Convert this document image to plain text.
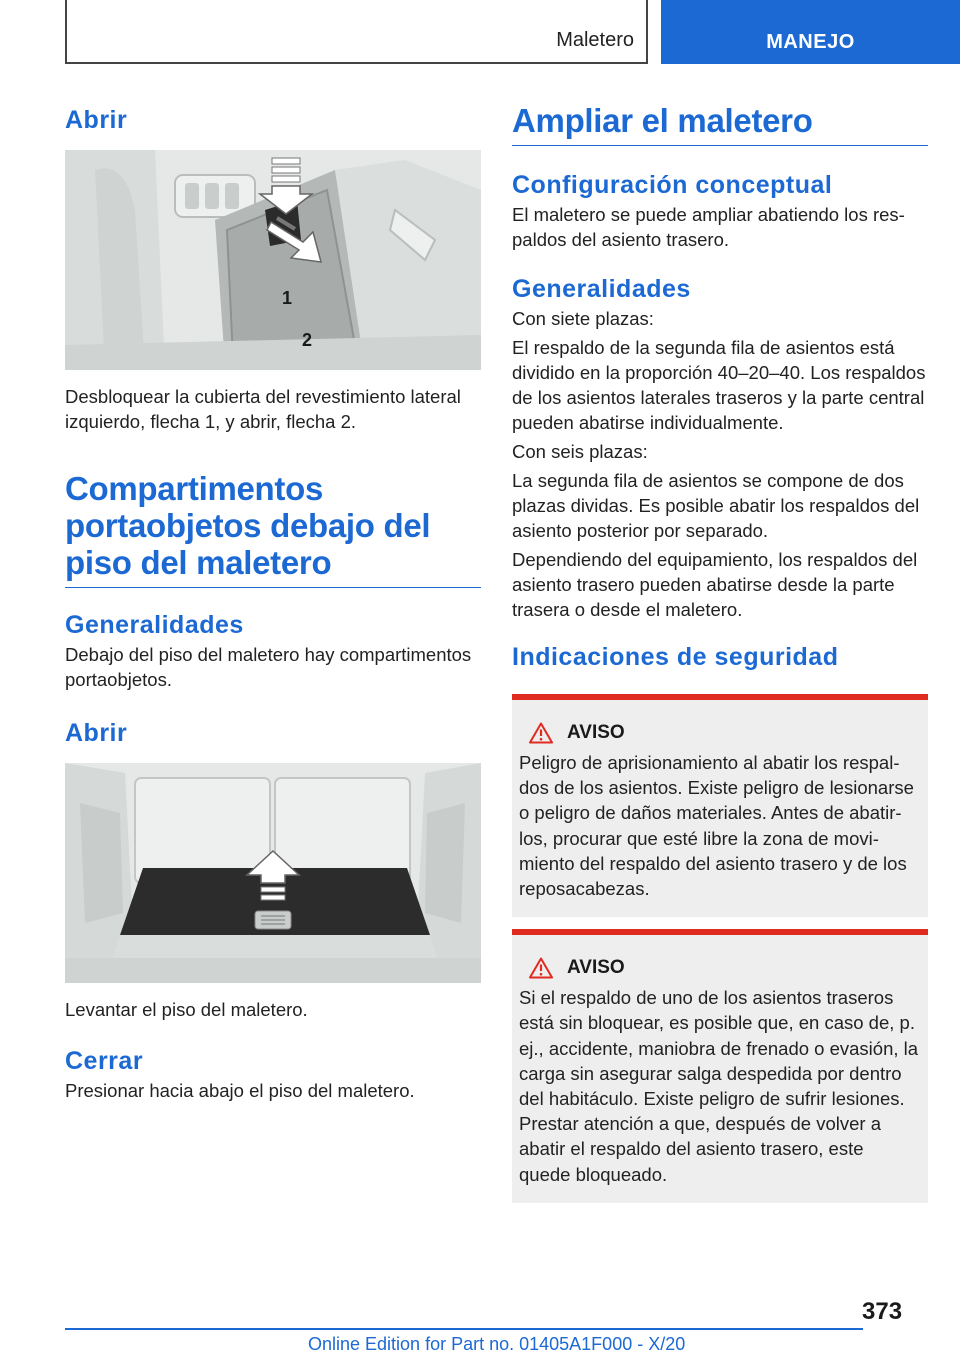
Maletero	MANEJO
Abrir
1
2
Desbloquear la cubierta del revestimiento lateral izquierdo, flecha 1, y abrir, flecha 2.
Compartimentos portaobjetos debajo del piso del maletero
Generalidades
Debajo del piso del maletero hay compartimentos portaobjetos.
Abrir
Levantar el piso del maletero.
Cerrar
Presionar hacia abajo el piso del maletero.
Ampliar el maletero
Configuración conceptual
El maletero se puede ampliar abatiendo los respaldos del asiento trasero.
Generalidades

Con siete plazas:

El respaldo de la segunda fila de asientos está dividido en la proporción 40–20–40. Los respaldos de los asientos laterales traseros y la parte central pueden abatirse individualmente.

Con seis plazas:

La segunda fila de asientos se compone de dos plazas dividas. Es posible abatir los respaldos del asiento posterior por separado.

Dependiendo del equipamiento, los respaldos del asiento trasero pueden abatirse desde la parte trasera o desde el maletero.

Indicaciones de seguridad
AVISO
Peligro de aprisionamiento al abatir los respaldos de los asientos. Existe peligro de lesionarse o peligro de daños materiales. Antes de abatirlos, procurar que esté libre la zona de movimiento del respaldo del asiento trasero y de los reposacabezas.
AVISO
Si el respaldo de uno de los asientos traseros está sin bloquear, es posible que, en caso de, p. ej., accidente, maniobra de frenado o evasión, la carga sin asegurar salga despedida por dentro del habitáculo. Existe peligro de sufrir lesiones. Prestar atención a que, después de volver a abatir el respaldo del asiento trasero, este quede bloqueado.
373
Online Edition for Part no. 01405A1F000 - X/20
